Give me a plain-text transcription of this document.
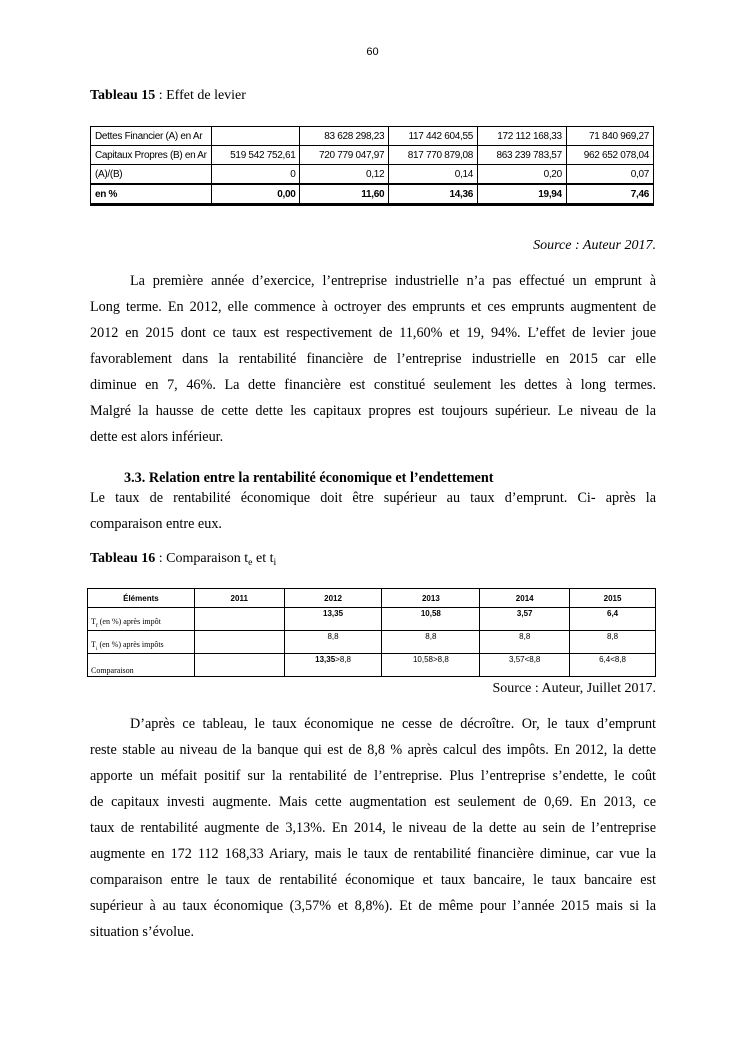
60
Tableau 15 : Effet de levier
Dettes Financier (A) en Ar		83 628 298,23	117 442 604,55	172 112 168,33	71 840 969,27
Capitaux Propres (B) en Ar	519 542 752,61	720 779 047,97	817 770 879,08	863 239 783,57	962 652 078,04
(A)/(B)	0	0,12	0,14	0,20	0,07
en %	0,00	11,60	14,36	19,94	7,46
Source : Auteur 2017.
La première année d’exercice, l’entreprise industrielle n’a pas effectué un emprunt à
Long terme. En 2012, elle commence à octroyer des emprunts et ces emprunts augmentent de
2012 en 2015 dont ce taux est respectivement de 11,60% et 19, 94%. L’effet de levier joue
favorablement dans la rentabilité financière de l’entreprise industrielle en 2015 car elle
diminue en 7, 46%. La dette financière est constitué seulement les dettes à long termes.
Malgré la hausse de cette dette les capitaux propres est toujours supérieur. Le niveau de la
dette est alors inférieur.
3.3. Relation entre la rentabilité économique et l’endettement
Le taux de rentabilité économique doit être supérieur au taux d’emprunt. Ci- après la
comparaison entre eux.
Tableau 16 : Comparaison $t_e$ et $t_i$
Éléments	2011	2012	2013	2014	2015
$T_f$ (en %) après impôt		13,35	10,58	3,57	6,4
$T_i$ (en %) après impôts		8,8	8,8	8,8	8,8
Comparaison		13,35>8,8	10,58>8,8	3,57<8,8	6,4<8,8
Source : Auteur, Juillet 2017.
D’après ce tableau, le taux économique ne cesse de décroître. Or, le taux d’emprunt
reste stable au niveau de la banque qui est de 8,8 % après calcul des impôts. En 2012, la dette
apporte un méfait positif sur la rentabilité de l’entreprise. Plus l’entreprise s’endette, le coût
de capitaux investi augmente. Mais cette augmentation est seulement de 0,69. En 2013, ce
taux de rentabilité augmente de 3,13%. En 2014, le niveau de la dette au sein de l’entreprise
augmente en 172 112 168,33 Ariary, mais le taux de rentabilité financière diminue, car vue la
comparaison entre le taux de rentabilité économique et taux bancaire, le taux bancaire est
supérieur à au taux économique (3,57% et 8,8%). Et de même pour l’année 2015 mais si la
situation s’évolue.
